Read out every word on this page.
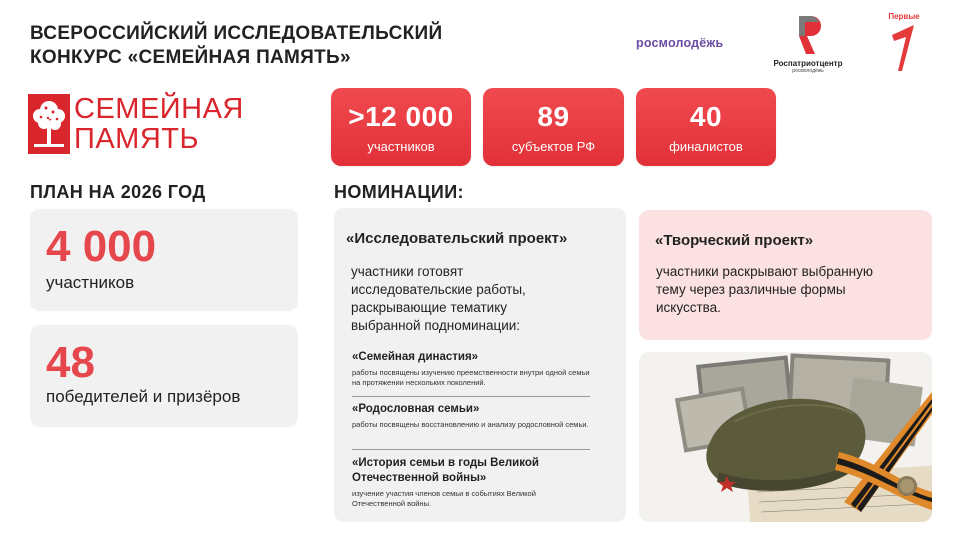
ВСЕРОССИЙСКИЙ ИССЛЕДОВАТЕЛЬСКИЙ
КОНКУРС «СЕМЕЙНАЯ ПАМЯТЬ»
росмолодёжь
Роспатриотцентр
росмолодёжь
Первые
СЕМЕЙНАЯ
ПАМЯТЬ
>12 000
участников
89
субъектов РФ
40
финалистов
ПЛАН НА 2026 ГОД
4 000
участников
48
победителей и призёров
НОМИНАЦИИ:
«Исследовательский проект»
участники готовят исследовательские работы, раскрывающие тематику выбранной подноминации:
«Семейная династия»
работы посвящены изучению преемственности внутри одной семьи на протяжении нескольких поколений.
«Родословная семьи»
работы посвящены восстановлению и анализу родословной семьи.
«История семьи в годы Великой Отечественной войны»
изучение участия членов семьи в событиях Великой Отечественной войны.
«Творческий проект»
участники раскрывают выбранную тему через различные формы искусства.
